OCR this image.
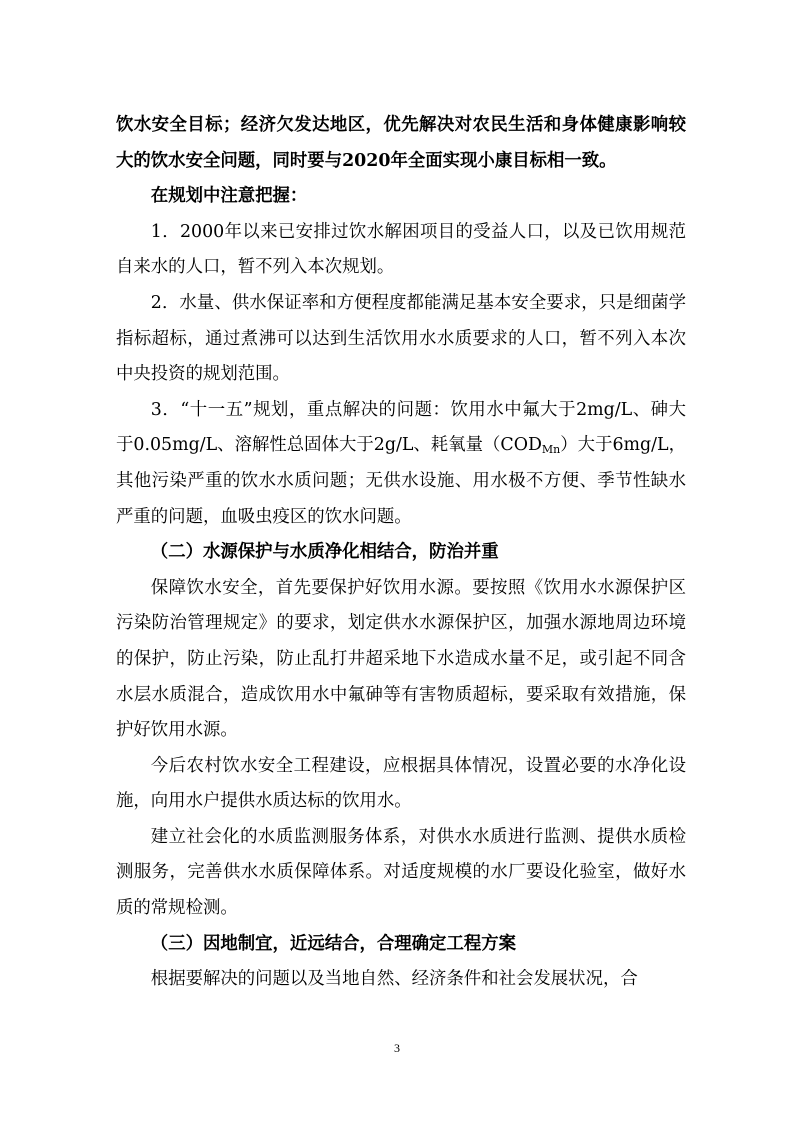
饮水安全目标；经济欠发达地区，优先解决对农民生活和身体健康影响较大的饮水安全问题，同时要与2020年全面实现小康目标相一致。

在规划中注意把握：

1．2000年以来已安排过饮水解困项目的受益人口，以及已饮用规范自来水的人口，暂不列入本次规划。

2．水量、供水保证率和方便程度都能满足基本安全要求，只是细菌学指标超标，通过煮沸可以达到生活饮用水水质要求的人口，暂不列入本次中央投资的规划范围。

3．“十一五”规划，重点解决的问题：饮用水中氟大于2mg/L、砷大于0.05mg/L、溶解性总固体大于2g/L、耗氧量$(COD_{Mn})$大于6mg/L，其他污染严重的饮水水质问题；无供水设施、用水极不方便、季节性缺水严重的问题，血吸虫疫区的饮水问题。

（二）水源保护与水质净化相结合，防治并重

保障饮水安全，首先要保护好饮用水源。要按照《饮用水水源保护区污染防治管理规定》的要求，划定供水水源保护区，加强水源地周边环境的保护，防止污染，防止乱打井超采地下水造成水量不足，或引起不同含水层水质混合，造成饮用水中氟砷等有害物质超标，要采取有效措施，保护好饮用水源。

今后农村饮水安全工程建设，应根据具体情况，设置必要的水净化设施，向用水户提供水质达标的饮用水。

建立社会化的水质监测服务体系，对供水水质进行监测、提供水质检测服务，完善供水水质保障体系。对适度规模的水厂要设化验室，做好水质的常规检测。

（三）因地制宜，近远结合，合理确定工程方案

根据要解决的问题以及当地自然、经济条件和社会发展状况，合

3
